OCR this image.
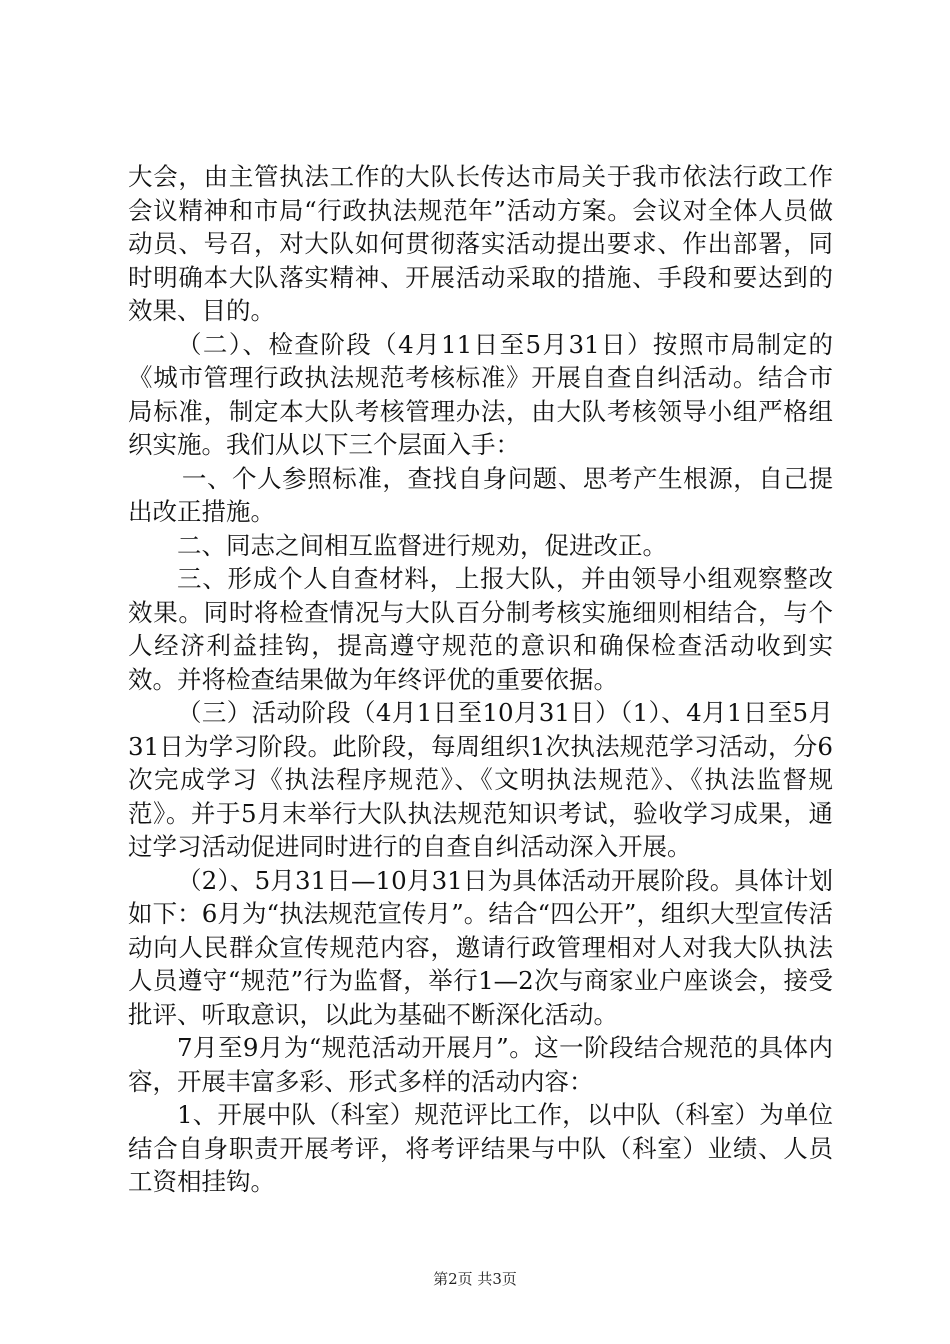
大会，由主管执法工作的大队长传达市局关于我市依法行政工作会议精神和市局“行政执法规范年”活动方案。会议对全体人员做动员、号召，对大队如何贯彻落实活动提出要求、作出部署，同时明确本大队落实精神、开展活动采取的措施、手段和要达到的效果、目的。

（二）、检查阶段（4月11日至5月31日）按照市局制定的《城市管理行政执法规范考核标准》开展自查自纠活动。结合市局标准，制定本大队考核管理办法，由大队考核领导小组严格组织实施。我们从以下三个层面入手：

一、个人参照标准，查找自身问题、思考产生根源，自己提出改正措施。

二、同志之间相互监督进行规劝，促进改正。

三、形成个人自查材料，上报大队，并由领导小组观察整改效果。同时将检查情况与大队百分制考核实施细则相结合，与个人经济利益挂钩，提高遵守规范的意识和确保检查活动收到实效。并将检查结果做为年终评优的重要依据。

（三）活动阶段（4月1日至10月31日）（1）、4月1日至5月31日为学习阶段。此阶段，每周组织1次执法规范学习活动，分6次完成学习《执法程序规范》、《文明执法规范》、《执法监督规范》。并于5月末举行大队执法规范知识考试，验收学习成果，通过学习活动促进同时进行的自查自纠活动深入开展。

（2）、5月31日—10月31日为具体活动开展阶段。具体计划如下：6月为“执法规范宣传月”。结合“四公开”，组织大型宣传活动向人民群众宣传规范内容，邀请行政管理相对人对我大队执法人员遵守“规范”行为监督，举行1—2次与商家业户座谈会，接受批评、听取意识，以此为基础不断深化活动。

7月至9月为“规范活动开展月”。这一阶段结合规范的具体内容，开展丰富多彩、形式多样的活动内容：

1、开展中队（科室）规范评比工作，以中队（科室）为单位结合自身职责开展考评，将考评结果与中队（科室）业绩、人员工资相挂钩。

第2页 共3页
